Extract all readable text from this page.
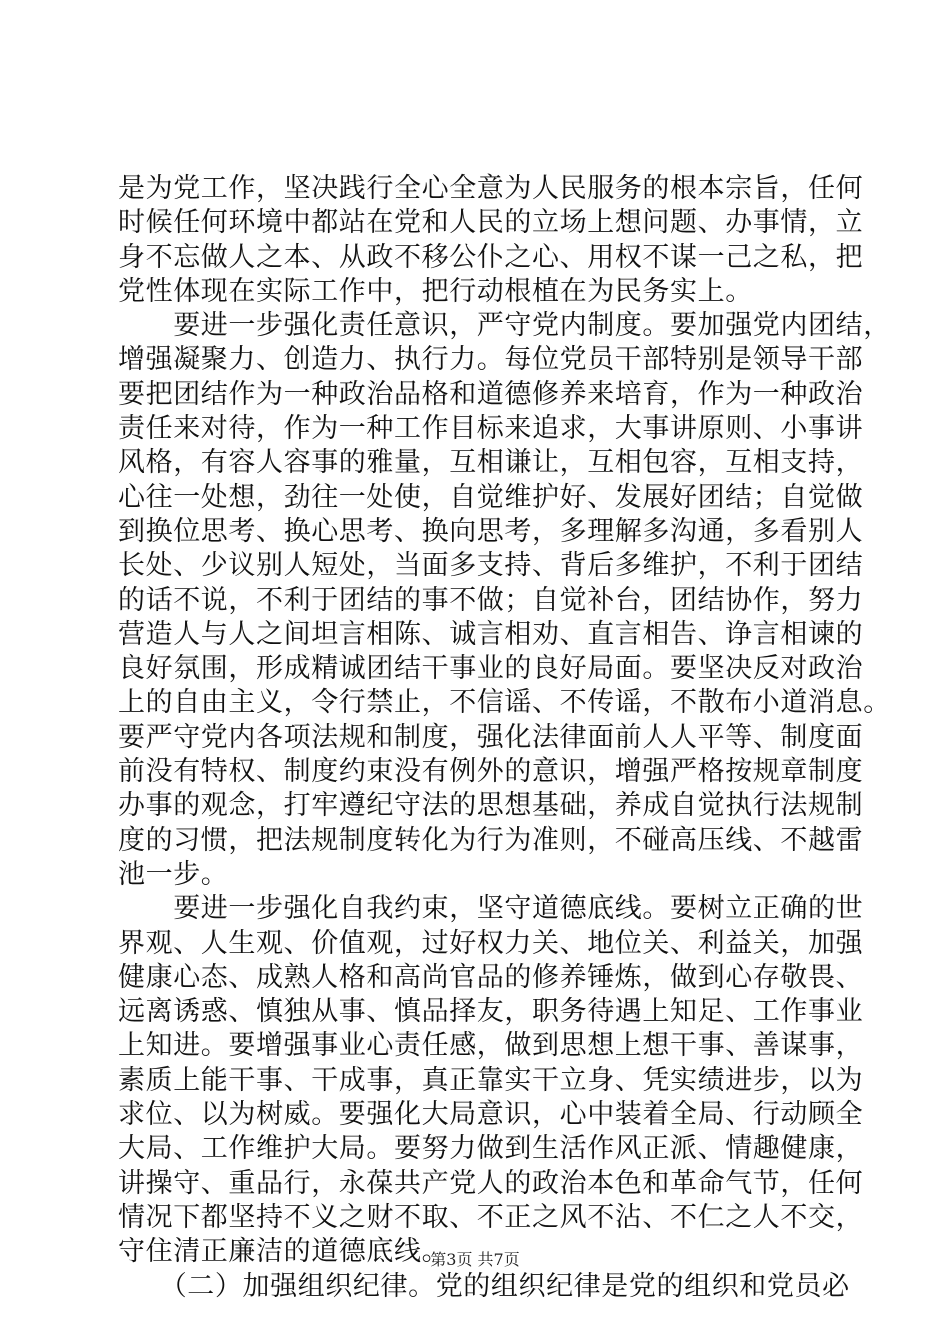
是为党工作，坚决践行全心全意为人民服务的根本宗旨，任何
时候任何环境中都站在党和人民的立场上想问题、办事情，立
身不忘做人之本、从政不移公仆之心、用权不谋一己之私，把
党性体现在实际工作中，把行动根植在为民务实上。
　　要进一步强化责任意识，严守党内制度。要加强党内团结，
增强凝聚力、创造力、执行力。每位党员干部特别是领导干部
要把团结作为一种政治品格和道德修养来培育，作为一种政治
责任来对待，作为一种工作目标来追求，大事讲原则、小事讲
风格，有容人容事的雅量，互相谦让，互相包容，互相支持，
心往一处想，劲往一处使，自觉维护好、发展好团结；自觉做
到换位思考、换心思考、换向思考，多理解多沟通，多看别人
长处、少议别人短处，当面多支持、背后多维护，不利于团结
的话不说，不利于团结的事不做；自觉补台，团结协作，努力
营造人与人之间坦言相陈、诚言相劝、直言相告、诤言相谏的
良好氛围，形成精诚团结干事业的良好局面。要坚决反对政治
上的自由主义，令行禁止，不信谣、不传谣，不散布小道消息。
要严守党内各项法规和制度，强化法律面前人人平等、制度面
前没有特权、制度约束没有例外的意识，增强严格按规章制度
办事的观念，打牢遵纪守法的思想基础，养成自觉执行法规制
度的习惯，把法规制度转化为行为准则，不碰高压线、不越雷
池一步。
　　要进一步强化自我约束，坚守道德底线。要树立正确的世
界观、人生观、价值观，过好权力关、地位关、利益关，加强
健康心态、成熟人格和高尚官品的修养锤炼，做到心存敬畏、
远离诱惑、慎独从事、慎品择友，职务待遇上知足、工作事业
上知进。要增强事业心责任感，做到思想上想干事、善谋事，
素质上能干事、干成事，真正靠实干立身、凭实绩进步，以为
求位、以为树威。要强化大局意识，心中装着全局、行动顾全
大局、工作维护大局。要努力做到生活作风正派、情趣健康，
讲操守、重品行，永葆共产党人的政治本色和革命气节，任何
情况下都坚持不义之财不取、不正之风不沾、不仁之人不交，
守住清正廉洁的道德底线。
　　（二）加强组织纪律。党的组织纪律是党的组织和党员必
第3页 共7页
